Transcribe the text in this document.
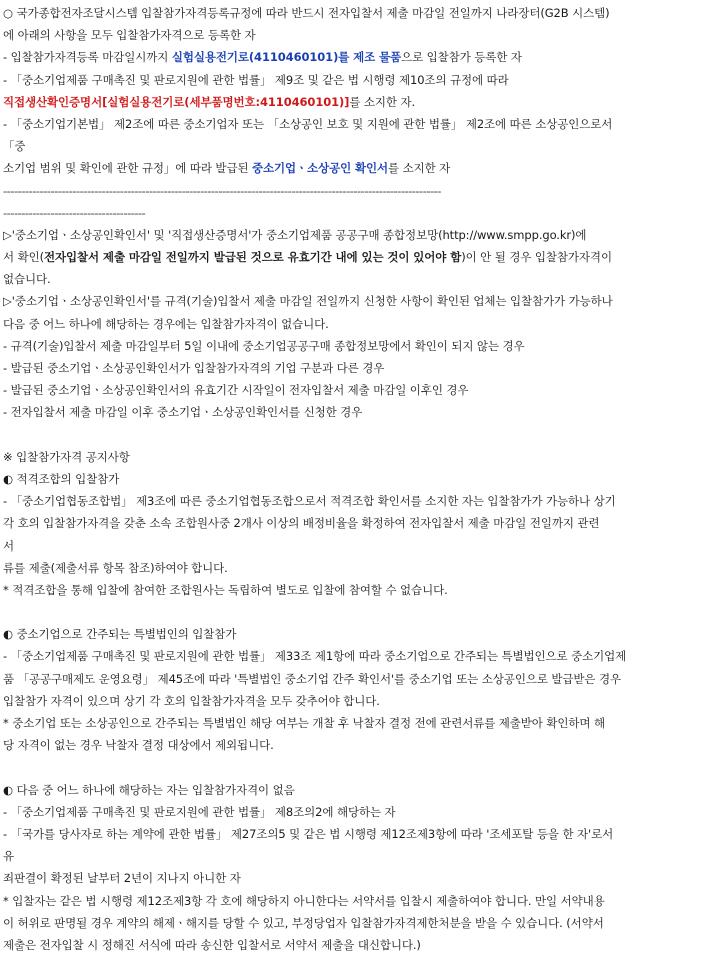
○ 국가종합전자조달시스템 입찰참가자격등록규정에 따라 반드시 전자입찰서 제출 마감일 전일까지 나라장터(G2B 시스템)
에 아래의 사항을 모두 입찰참가자격으로 등록한 자
- 입찰참가자격등록 마감일시까지 실험실용전기로(4110460101)를 제조 물품으로 입찰참가 등록한 자
- 「중소기업제품 구매촉진 및 판로지원에 관한 법률」 제9조 및 같은 법 시행령 제10조의 규정에 따라
직접생산확인증명서[실험실용전기로(세부품명번호:4110460101)]를 소지한 자.
- 「중소기업기본법」 제2조에 따른 중소기업자 또는 「소상공인 보호 및 지원에 관한 법률」 제2조에 따른 소상공인으로서
「중
소기업 범위 및 확인에 관한 규정」에 따라 발급된 중소기업ㆍ소상공인 확인서를 소지한 자
------------------------------------------------------------------------------------------------------------------------
---------------------------------------
▷'중소기업ㆍ소상공인확인서' 및 '직접생산증명서'가 중소기업제품 공공구매 종합정보망(http://www.smpp.go.kr)에
서 확인(전자입찰서 제출 마감일 전일까지 발급된 것으로 유효기간 내에 있는 것이 있어야 함)이 안 될 경우 입찰참가자격이
없습니다.
▷'중소기업ㆍ소상공인확인서'를 규격(기술)입찰서 제출 마감일 전일까지 신청한 사항이 확인된 업체는 입찰참가가 가능하나
다음 중 어느 하나에 해당하는 경우에는 입찰참가자격이 없습니다.
- 규격(기술)입찰서 제출 마감일부터 5일 이내에 중소기업공공구매 종합정보망에서 확인이 되지 않는 경우
- 발급된 중소기업ㆍ소상공인확인서가 입찰참가자격의 기업 구분과 다른 경우
- 발급된 중소기업ㆍ소상공인확인서의 유효기간 시작일이 전자입찰서 제출 마감일 이후인 경우
- 전자입찰서 제출 마감일 이후 중소기업ㆍ소상공인확인서를 신청한 경우
※ 입찰참가자격 공지사항
◐ 적격조합의 입찰참가
- 「중소기업협동조합법」 제3조에 따른 중소기업협동조합으로서 적격조합 확인서를 소지한 자는 입찰참가가 가능하나 상기
각 호의 입찰참가자격을 갖춘 소속 조합원사중 2개사 이상의 배정비율을 확정하여 전자입찰서 제출 마감일 전일까지 관련
서
류를 제출(제출서류 항목 참조)하여야 합니다.
* 적격조합을 통해 입찰에 참여한 조합원사는 독립하여 별도로 입찰에 참여할 수 없습니다.
◐ 중소기업으로 간주되는 특별법인의 입찰참가
- 「중소기업제품 구매촉진 및 판로지원에 관한 법률」 제33조 제1항에 따라 중소기업으로 간주되는 특별법인으로 중소기업제
품 「공공구매제도 운영요령」 제45조에 따라 '특별법인 중소기업 간주 확인서'를 중소기업 또는 소상공인으로 발급받은 경우
입찰참가 자격이 있으며 상기 각 호의 입찰참가자격을 모두 갖추어야 합니다.
* 중소기업 또는 소상공인으로 간주되는 특별법인 해당 여부는 개찰 후 낙찰자 결정 전에 관련서류를 제출받아 확인하며 해
당 자격이 없는 경우 낙찰자 결정 대상에서 제외됩니다.
◐ 다음 중 어느 하나에 해당하는 자는 입찰참가자격이 없음
- 「중소기업제품 구매촉진 및 판로지원에 관한 법률」 제8조의2에 해당하는 자
- 「국가를 당사자로 하는 계약에 관한 법률」 제27조의5 및 같은 법 시행령 제12조제3항에 따라 '조세포탈 등을 한 자'로서
유
죄판결이 확정된 날부터 2년이 지나지 아니한 자
* 입찰자는 같은 법 시행령 제12조제3항 각 호에 해당하지 아니한다는 서약서를 입찰시 제출하여야 합니다. 만일 서약내용
이 허위로 판명될 경우 계약의 해제ㆍ해지를 당할 수 있고, 부정당업자 입찰참가자격제한처분을 받을 수 있습니다. (서약서
제출은 전자입찰 시 정해진 서식에 따라 송신한 입찰서로 서약서 제출을 대신합니다.)
